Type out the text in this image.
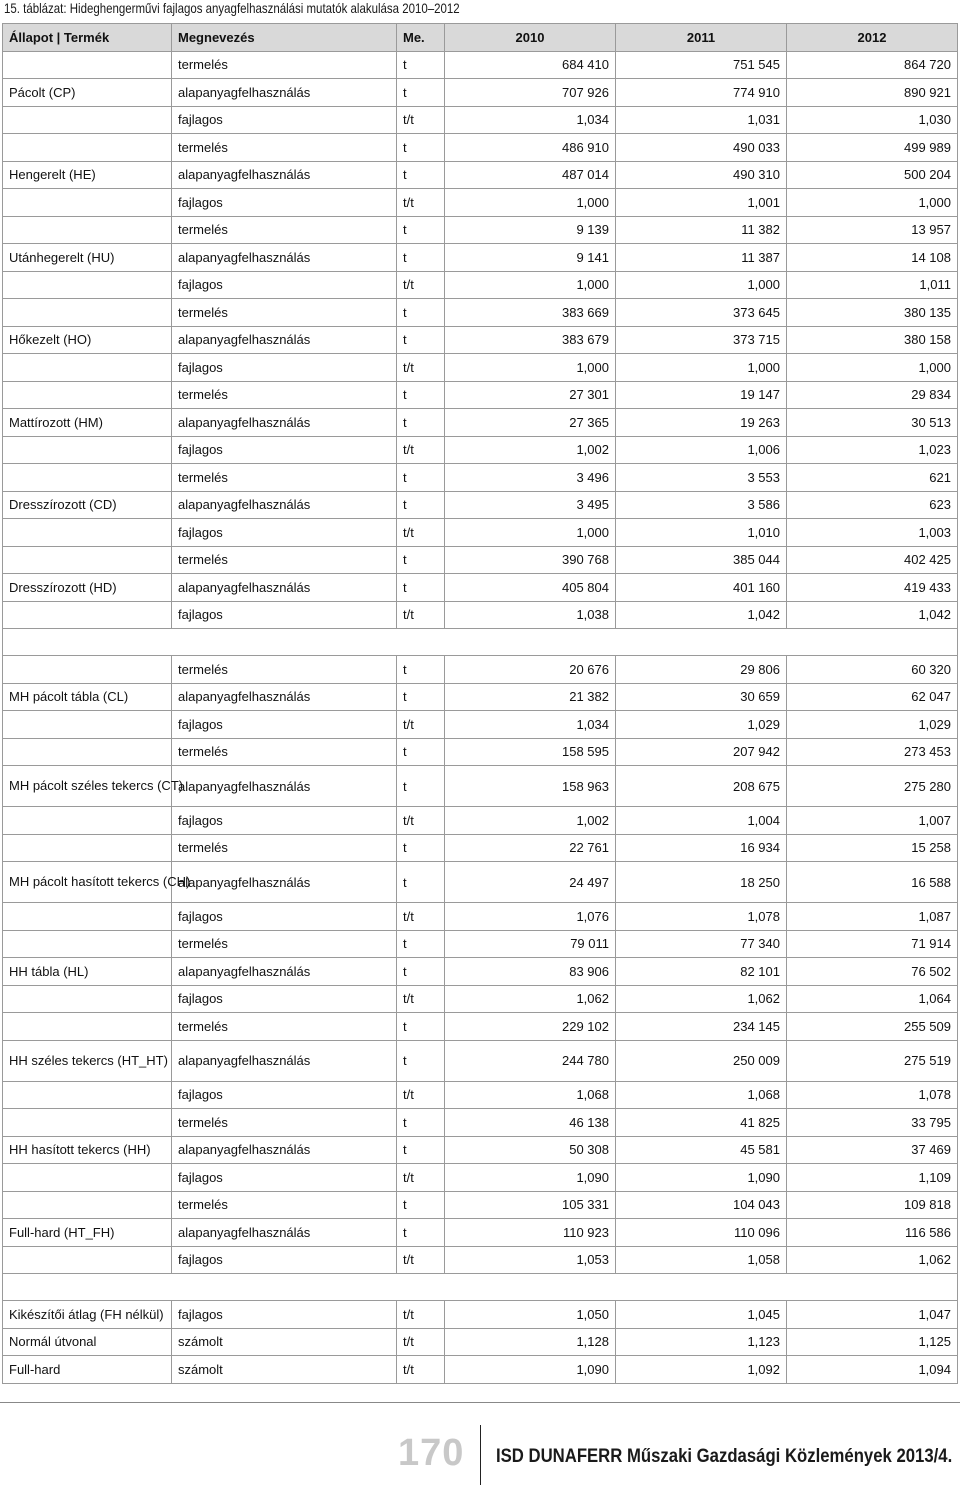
15. táblázat: Hideghengerművi fajlagos anyagfelhasználási mutatók alakulása 2010–2012
Állapot | Termék	Megnevezés	Me.	2010	2011	2012
	termelés	t	684 410	751 545	864 720
Pácolt (CP)	alapanyagfelhasználás	t	707 926	774 910	890 921
	fajlagos	t/t	1,034	1,031	1,030
	termelés	t	486 910	490 033	499 989
Hengerelt (HE)	alapanyagfelhasználás	t	487 014	490 310	500 204
	fajlagos	t/t	1,000	1,001	1,000
	termelés	t	9 139	11 382	13 957
Utánhegerelt (HU)	alapanyagfelhasználás	t	9 141	11 387	14 108
	fajlagos	t/t	1,000	1,000	1,011
	termelés	t	383 669	373 645	380 135
Hőkezelt (HO)	alapanyagfelhasználás	t	383 679	373 715	380 158
	fajlagos	t/t	1,000	1,000	1,000
	termelés	t	27 301	19 147	29 834
Mattírozott (HM)	alapanyagfelhasználás	t	27 365	19 263	30 513
	fajlagos	t/t	1,002	1,006	1,023
	termelés	t	3 496	3 553	621
Dresszírozott (CD)	alapanyagfelhasználás	t	3 495	3 586	623
	fajlagos	t/t	1,000	1,010	1,003
	termelés	t	390 768	385 044	402 425
Dresszírozott (HD)	alapanyagfelhasználás	t	405 804	401 160	419 433
	fajlagos	t/t	1,038	1,042	1,042

	termelés	t	20 676	29 806	60 320
MH pácolt tábla (CL)	alapanyagfelhasználás	t	21 382	30 659	62 047
	fajlagos	t/t	1,034	1,029	1,029
	termelés	t	158 595	207 942	273 453
MH pácolt széles tekercs (CT)	alapanyagfelhasználás	t	158 963	208 675	275 280
	fajlagos	t/t	1,002	1,004	1,007
	termelés	t	22 761	16 934	15 258
MH pácolt hasított tekercs (CH)	alapanyagfelhasználás	t	24 497	18 250	16 588
	fajlagos	t/t	1,076	1,078	1,087
	termelés	t	79 011	77 340	71 914
HH tábla (HL)	alapanyagfelhasználás	t	83 906	82 101	76 502
	fajlagos	t/t	1,062	1,062	1,064
	termelés	t	229 102	234 145	255 509
HH széles tekercs (HT_HT)	alapanyagfelhasználás	t	244 780	250 009	275 519
	fajlagos	t/t	1,068	1,068	1,078
	termelés	t	46 138	41 825	33 795
HH hasított tekercs (HH)	alapanyagfelhasználás	t	50 308	45 581	37 469
	fajlagos	t/t	1,090	1,090	1,109
	termelés	t	105 331	104 043	109 818
Full-hard (HT_FH)	alapanyagfelhasználás	t	110 923	110 096	116 586
	fajlagos	t/t	1,053	1,058	1,062

Kikészítői átlag (FH nélkül)	fajlagos	t/t	1,050	1,045	1,047
Normál útvonal	számolt	t/t	1,128	1,123	1,125
Full-hard	számolt	t/t	1,090	1,092	1,094
170 ISD DUNAFERR Műszaki Gazdasági Közlemények 2013/4.
